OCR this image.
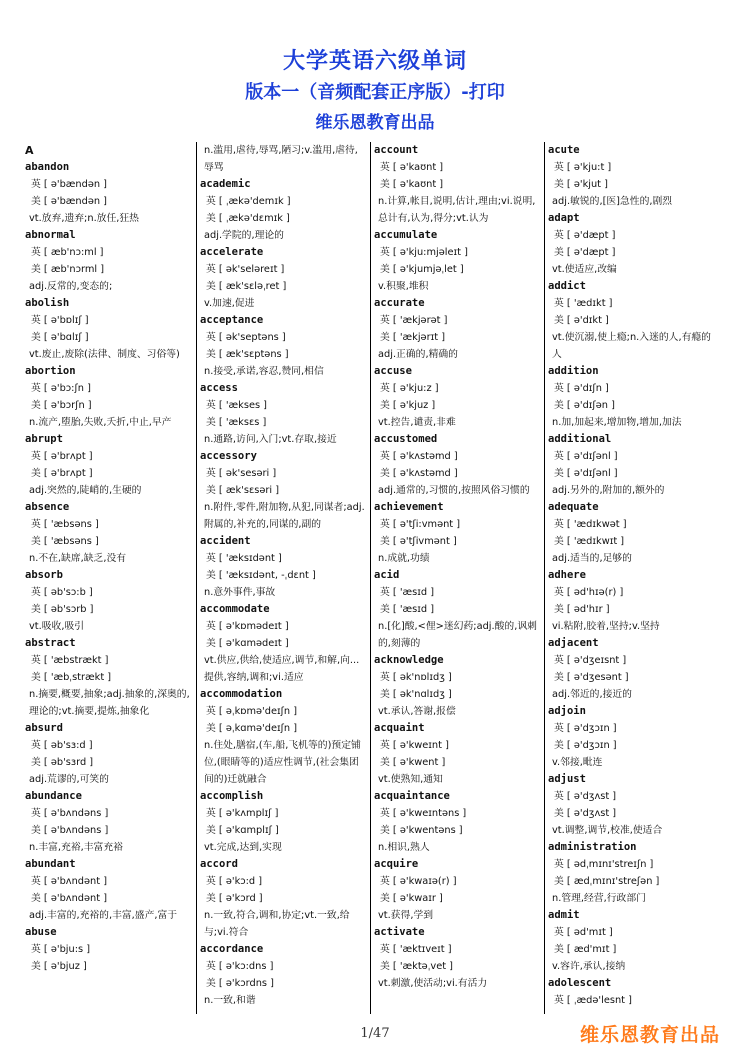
大学英语六级单词
版本一（音频配套正序版）-打印
维乐恩教育出品
A
abandon
英 [ ə'bændən ]
美 [ ə'bændən ]
vt.放弃,遗弃;n.放任,狂热
abnormal
英 [ æb'nɔ:ml ]
美 [ æb'nɔrml ]
adj.反常的,变态的;
abolish
英 [ ə'bɒlɪʃ ]
美 [ ə'bɑlɪʃ ]
vt.废止,废除(法律、制度、习俗等)
abortion
英 [ ə'bɔ:ʃn ]
美 [ ə'bɔrʃn ]
n.流产,堕胎,失败,夭折,中止,早产
abrupt
英 [ ə'brʌpt ]
美 [ ə'brʌpt ]
adj.突然的,陡峭的,生硬的
absence
英 [ 'æbsəns ]
美 [ 'æbsəns ]
n.不在,缺席,缺乏,没有
absorb
英 [ əb'sɔ:b ]
美 [ əb'sɔrb ]
vt.吸收,吸引
abstract
英 [ 'æbstrækt ]
美 [ 'æbˌstrækt ]
n.摘要,概要,抽象;adj.抽象的,深奥的,理论的;vt.摘要,提炼,抽象化
absurd
英 [ əb'sɜ:d ]
美 [ əb'sɜrd ]
adj.荒谬的,可笑的
abundance
英 [ ə'bʌndəns ]
美 [ ə'bʌndəns ]
n.丰富,充裕,丰富充裕
abundant
英 [ ə'bʌndənt ]
美 [ ə'bʌndənt ]
adj.丰富的,充裕的,丰富,盛产,富于
abuse
英 [ ə'bju:s ]
美 [ ə'bjuz ]
n.滥用,虐待,辱骂,陋习;v.滥用,虐待,辱骂
academic
英 [ ˌækə'demɪk ]
美 [ ˌækə'dɛmɪk ]
adj.学院的,理论的
accelerate
英 [ ək'seləreɪt ]
美 [ æk'sɛləˌret ]
v.加速,促进
acceptance
英 [ ək'septəns ]
美 [ æk'sɛptəns ]
n.接受,承诺,容忍,赞同,相信
access
英 [ 'ækses ]
美 [ 'æksɛs ]
n.通路,访问,入门;vt.存取,接近
accessory
英 [ ək'sesəri ]
美 [ æk'sɛsəri ]
n.附件,零件,附加物,从犯,同谋者;adj.附属的,补充的,同谋的,副的
accident
英 [ 'æksɪdənt ]
美 [ 'æksɪdənt, -ˌdɛnt ]
n.意外事件,事故
accommodate
英 [ ə'kɒmədeɪt ]
美 [ ə'kɑmədeɪt ]
vt.供应,供给,使适应,调节,和解,向...提供,容纳,调和;vi.适应
accommodation
英 [ əˌkɒmə'deɪʃn ]
美 [ əˌkɑmə'deɪʃn ]
n.住处,膳宿,(车,船,飞机等的)预定铺位,(眼睛等的)适应性调节,(社会集团间的)迁就融合
accomplish
英 [ ə'kʌmplɪʃ ]
美 [ ə'kɑmplɪʃ ]
vt.完成,达到,实现
accord
英 [ ə'kɔ:d ]
美 [ ə'kɔrd ]
n.一致,符合,调和,协定;vt.一致,给与;vi.符合
accordance
英 [ ə'kɔ:dns ]
美 [ ə'kɔrdns ]
n.一致,和谐
account
英 [ ə'kaʊnt ]
美 [ ə'kaʊnt ]
n.计算,帐目,说明,估计,理由;vi.说明,总计有,认为,得分;vt.认为
accumulate
英 [ ə'kju:mjəleɪt ]
美 [ ə'kjumjəˌlet ]
v.积聚,堆积
accurate
英 [ 'ækjərət ]
美 [ 'ækjərɪt ]
adj.正确的,精确的
accuse
英 [ ə'kju:z ]
美 [ ə'kjuz ]
vt.控告,谴责,非难
accustomed
英 [ ə'kʌstəmd ]
美 [ ə'kʌstəmd ]
adj.通常的,习惯的,按照风俗习惯的
achievement
英 [ ə'tʃi:vmənt ]
美 [ ə'tʃivmənt ]
n.成就,功绩
acid
英 [ 'æsɪd ]
美 [ 'æsɪd ]
n.[化]酸,<俚>迷幻药;adj.酸的,讽刺的,刻薄的
acknowledge
英 [ ək'nɒlɪdʒ ]
美 [ ək'nɑlɪdʒ ]
vt.承认,答谢,报偿
acquaint
英 [ ə'kweɪnt ]
美 [ ə'kwent ]
vt.使熟知,通知
acquaintance
英 [ ə'kweɪntəns ]
美 [ ə'kwentəns ]
n.相识,熟人
acquire
英 [ ə'kwaɪə(r) ]
美 [ ə'kwaɪr ]
vt.获得,学到
activate
英 [ 'æktɪveɪt ]
美 [ 'æktəˌvet ]
vt.刺激,使活动;vi.有活力
acute
英 [ ə'kju:t ]
美 [ ə'kjut ]
adj.敏锐的,[医]急性的,剧烈
adapt
英 [ ə'dæpt ]
美 [ ə'dæpt ]
vt.使适应,改编
addict
英 [ 'ædɪkt ]
美 [ ə'dɪkt ]
vt.使沉溺,使上瘾;n.入迷的人,有瘾的人
addition
英 [ ə'dɪʃn ]
美 [ ə'dɪʃən ]
n.加,加起来,增加物,增加,加法
additional
英 [ ə'dɪʃənl ]
美 [ ə'dɪʃənl ]
adj.另外的,附加的,额外的
adequate
英 [ 'ædɪkwət ]
美 [ 'ædɪkwɪt ]
adj.适当的,足够的
adhere
英 [ əd'hɪə(r) ]
美 [ əd'hɪr ]
vi.粘附,胶着,坚持;v.坚持
adjacent
英 [ ə'dʒeɪsnt ]
美 [ ə'dʒesənt ]
adj.邻近的,接近的
adjoin
英 [ ə'dʒɔɪn ]
美 [ ə'dʒɔɪn ]
v.邻接,毗连
adjust
英 [ ə'dʒʌst ]
美 [ ə'dʒʌst ]
vt.调整,调节,校准,使适合
administration
英 [ ədˌmɪnɪ'streɪʃn ]
美 [ ædˌmɪnɪ'streʃən ]
n.管理,经营,行政部门
admit
英 [ əd'mɪt ]
美 [ æd'mɪt ]
v.容许,承认,接纳
adolescent
英 [ ˌædə'lesnt ]
1/47	维乐恩教育出品
